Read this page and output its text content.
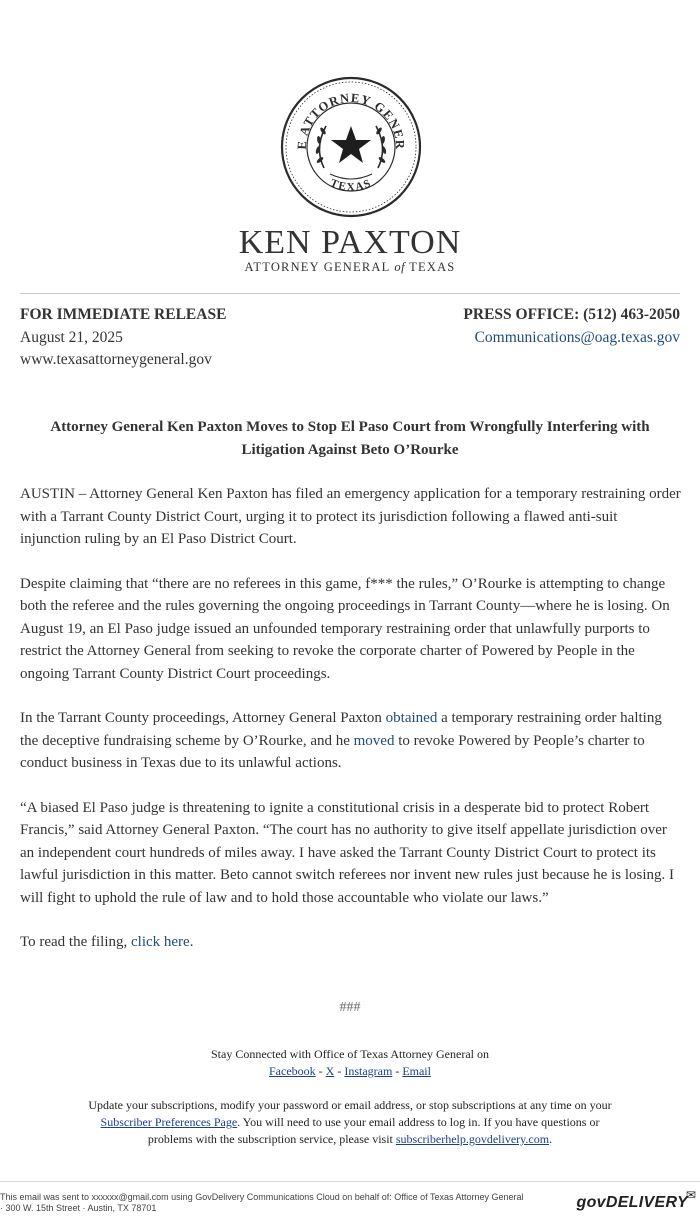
E ATTORNEY GENER
TEXAS
KEN PAXTON
ATTORNEY GENERAL of TEXAS
FOR IMMEDIATE RELEASE
August 21, 2025
www.texasattorneygeneral.gov
PRESS OFFICE: (512) 463-2050
Communications@oag.texas.gov
Attorney General Ken Paxton Moves to Stop El Paso Court from Wrongfully Interfering with Litigation Against Beto O’Rourke

AUSTIN – Attorney General Ken Paxton has filed an emergency application for a temporary restraining order with a Tarrant County District Court, urging it to protect its jurisdiction following a flawed anti-suit injunction ruling by an El Paso District Court.

Despite claiming that “there are no referees in this game, f*** the rules,” O’Rourke is attempting to change both the referee and the rules governing the ongoing proceedings in Tarrant County—where he is losing. On August 19, an El Paso judge issued an unfounded temporary restraining order that unlawfully purports to restrict the Attorney General from seeking to revoke the corporate charter of Powered by People in the ongoing Tarrant County District Court proceedings.

In the Tarrant County proceedings, Attorney General Paxton obtained a temporary restraining order halting the deceptive fundraising scheme by O’Rourke, and he moved to revoke Powered by People’s charter to conduct business in Texas due to its unlawful actions.

“A biased El Paso judge is threatening to ignite a constitutional crisis in a desperate bid to protect Robert Francis,” said Attorney General Paxton. “The court has no authority to give itself appellate jurisdiction over an independent court hundreds of miles away. I have asked the Tarrant County District Court to protect its lawful jurisdiction in this matter. Beto cannot switch referees nor invent new rules just because he is losing. I will fight to uphold the rule of law and to hold those accountable who violate our laws.”

To read the filing, click here.

###
Stay Connected with Office of Texas Attorney General on
Facebook - X - Instagram - Email
Update your subscriptions, modify your password or email address, or stop subscriptions at any time on your
Subscriber Preferences Page. You will need to use your email address to log in. If you have questions or
problems with the subscription service, please visit subscriberhelp.govdelivery.com.
This email was sent to xxxxxx@gmail.com using GovDelivery Communications Cloud on behalf of: Office of Texas Attorney General
· 300 W. 15th Street · Austin, TX 78701	govDELIVERY
✉
